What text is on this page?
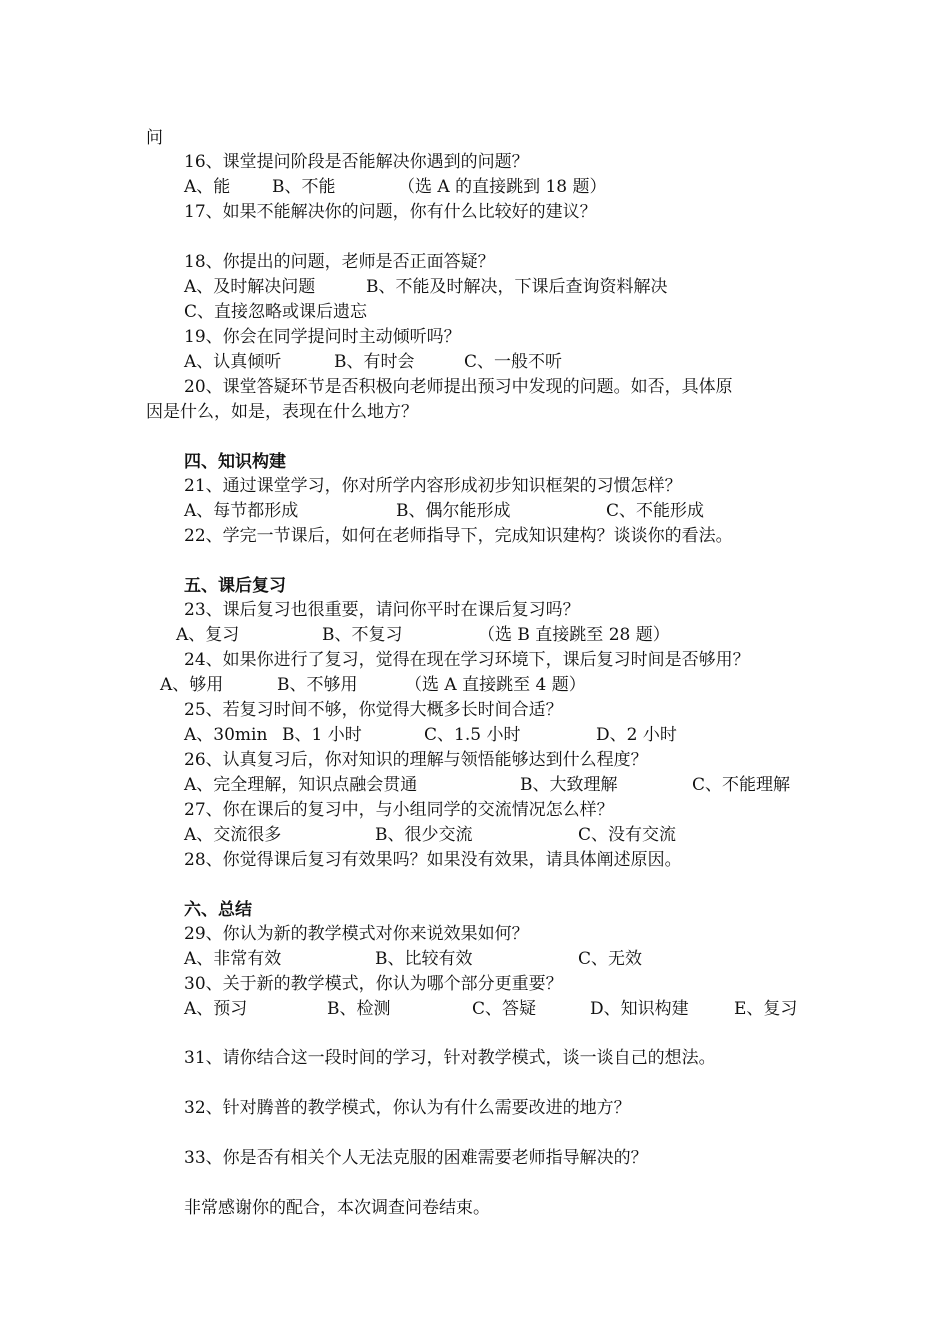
问
16、课堂提问阶段是否能解决你遇到的问题？
A、能 B、不能	（选 A 的直接跳到 18 题）
17、如果不能解决你的问题，你有什么比较好的建议？
18、你提出的问题，老师是否正面答疑？
A、及时解决问题	B、不能及时解决，下课后查询资料解决
C、直接忽略或课后遗忘
19、你会在同学提问时主动倾听吗？
A、认真倾听	B、有时会	C、一般不听
20、课堂答疑环节是否积极向老师提出预习中发现的问题。如否，具体原
因是什么，如是，表现在什么地方？
四、知识构建
21、通过课堂学习，你对所学内容形成初步知识框架的习惯怎样？
A、每节都形成	B、偶尔能形成	C、不能形成
22、学完一节课后，如何在老师指导下，完成知识建构？谈谈你的看法。
五、课后复习
23、课后复习也很重要，请问你平时在课后复习吗？
A、复习	B、不复习	（选 B 直接跳至 28 题）
24、如果你进行了复习，觉得在现在学习环境下，课后复习时间是否够用？
A、够用	B、不够用	（选 A 直接跳至 4 题）
25、若复习时间不够，你觉得大概多长时间合适？
A、30min B、1 小时	C、1.5 小时	D、2 小时
26、认真复习后，你对知识的理解与领悟能够达到什么程度？
A、完全理解，知识点融会贯通	B、大致理解	C、不能理解
27、你在课后的复习中，与小组同学的交流情况怎么样？
A、交流很多	B、很少交流	C、没有交流
28、你觉得课后复习有效果吗？如果没有效果，请具体阐述原因。
六、总结
29、你认为新的教学模式对你来说效果如何？
A、非常有效	B、比较有效	C、无效
30、关于新的教学模式，你认为哪个部分更重要？
A、预习	B、检测	C、答疑	D、知识构建	E、复习
31、请你结合这一段时间的学习，针对教学模式，谈一谈自己的想法。
32、针对腾普的教学模式，你认为有什么需要改进的地方？
33、你是否有相关个人无法克服的困难需要老师指导解决的？
非常感谢你的配合，本次调查问卷结束。
